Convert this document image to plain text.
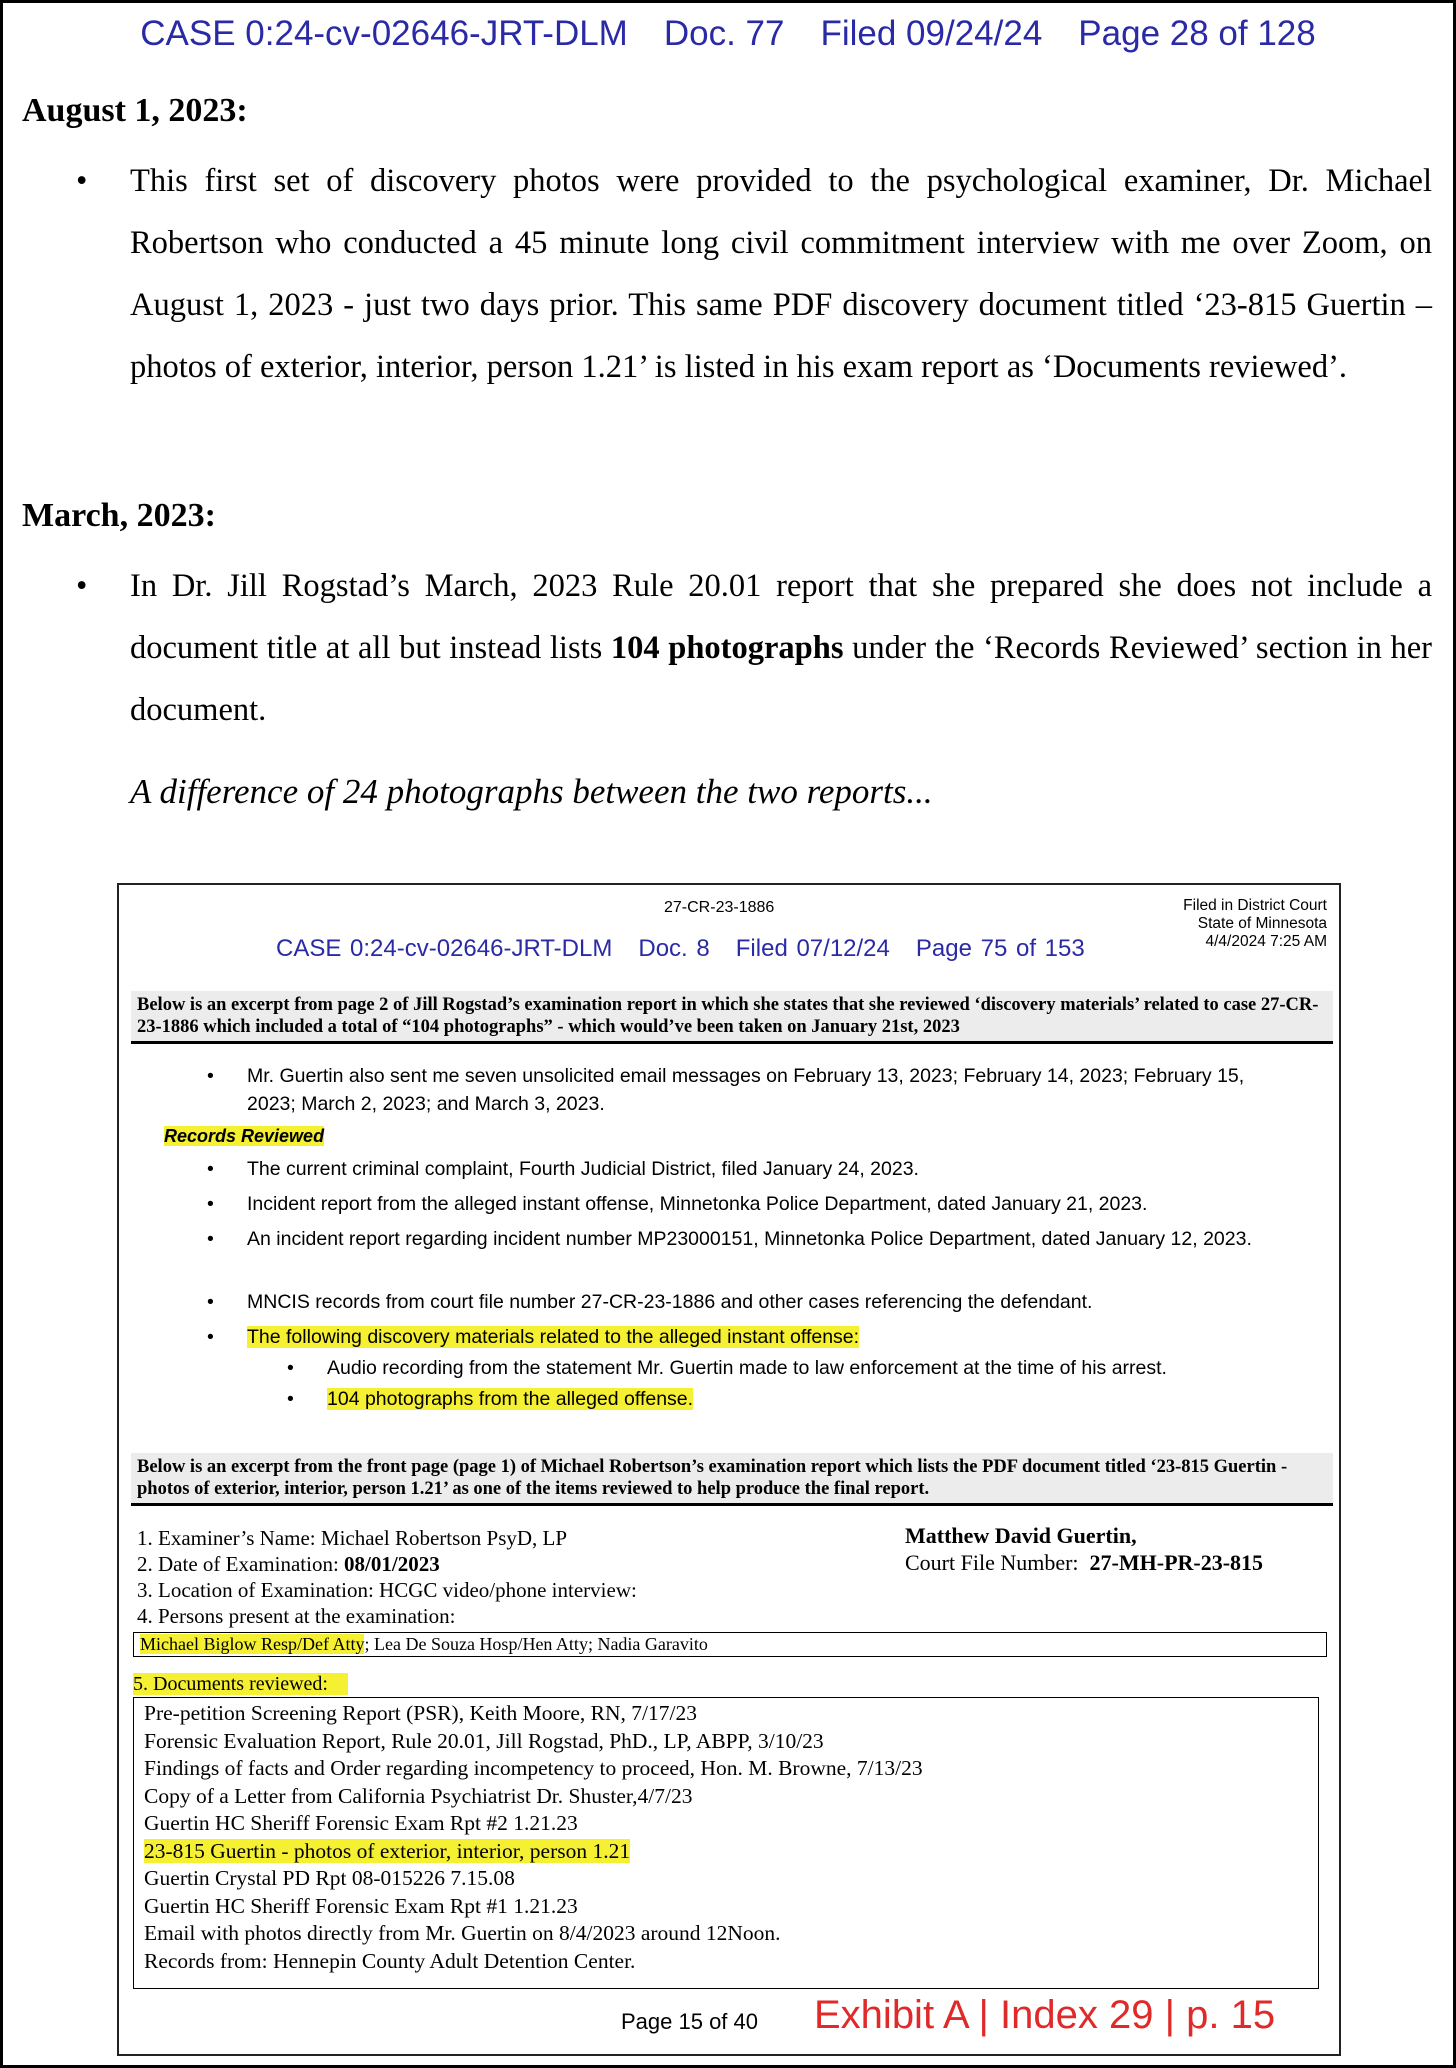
CASE 0:24-cv-02646-JRT-DLM Doc. 77 Filed 09/24/24 Page 28 of 128
August 1, 2023:
• This first set of discovery photos were provided to the psychological examiner, Dr. Michael Robertson who conducted a 45 minute long civil commitment interview with me over Zoom, on August 1, 2023 - just two days prior. This same PDF discovery document titled ‘23-815 Guertin – photos of exterior, interior, person 1.21’ is listed in his exam report as ‘Documents reviewed’.
March, 2023:
• In Dr. Jill Rogstad’s March, 2023 Rule 20.01 report that she prepared she does not include a document title at all but instead lists 104 photographs under the ‘Records Reviewed’ section in her document.
A difference of 24 photographs between the two reports...
27-CR-23-1886	Filed in District Court
State of Minnesota
4/4/2024 7:25 AM
CASE 0:24-cv-02646-JRT-DLM Doc. 8 Filed 07/12/24 Page 75 of 153
Below is an excerpt from page 2 of Jill Rogstad’s examination report in which she states that she reviewed ‘discovery materials’ related to case 27-CR-23-1886 which included a total of “104 photographs” - which would’ve been taken on January 21st, 2023
• Mr. Guertin also sent me seven unsolicited email messages on February 13, 2023; February 14, 2023; February 15, 2023; March 2, 2023; and March 3, 2023.
Records Reviewed
• The current criminal complaint, Fourth Judicial District, filed January 24, 2023.
• Incident report from the alleged instant offense, Minnetonka Police Department, dated January 21, 2023.
• An incident report regarding incident number MP23000151, Minnetonka Police Department, dated January 12, 2023.
• MNCIS records from court file number 27-CR-23-1886 and other cases referencing the defendant.
• The following discovery materials related to the alleged instant offense:
• Audio recording from the statement Mr. Guertin made to law enforcement at the time of his arrest.
• 104 photographs from the alleged offense.
Below is an excerpt from the front page (page 1) of Michael Robertson’s examination report which lists the PDF document titled ‘23-815 Guertin - photos of exterior, interior, person 1.21’ as one of the items reviewed to help produce the final report.
1. Examiner’s Name: Michael Robertson PsyD, LP
2. Date of Examination: 08/01/2023
3. Location of Examination: HCGC video/phone interview:
4. Persons present at the examination:
Matthew David Guertin,
Court File Number: 27-MH-PR-23-815
Michael Biglow Resp/Def Atty; Lea De Souza Hosp/Hen Atty; Nadia Garavito
5. Documents reviewed:
Pre-petition Screening Report (PSR), Keith Moore, RN, 7/17/23
Forensic Evaluation Report, Rule 20.01, Jill Rogstad, PhD., LP, ABPP, 3/10/23
Findings of facts and Order regarding incompetency to proceed, Hon. M. Browne, 7/13/23
Copy of a Letter from California Psychiatrist Dr. Shuster,4/7/23
Guertin HC Sheriff Forensic Exam Rpt #2 1.21.23
23-815 Guertin - photos of exterior, interior, person 1.21
Guertin Crystal PD Rpt 08-015226 7.15.08
Guertin HC Sheriff Forensic Exam Rpt #1 1.21.23
Email with photos directly from Mr. Guertin on 8/4/2023 around 12Noon.
Records from: Hennepin County Adult Detention Center.
Page 15 of 40 Exhibit A | Index 29 | p. 15
